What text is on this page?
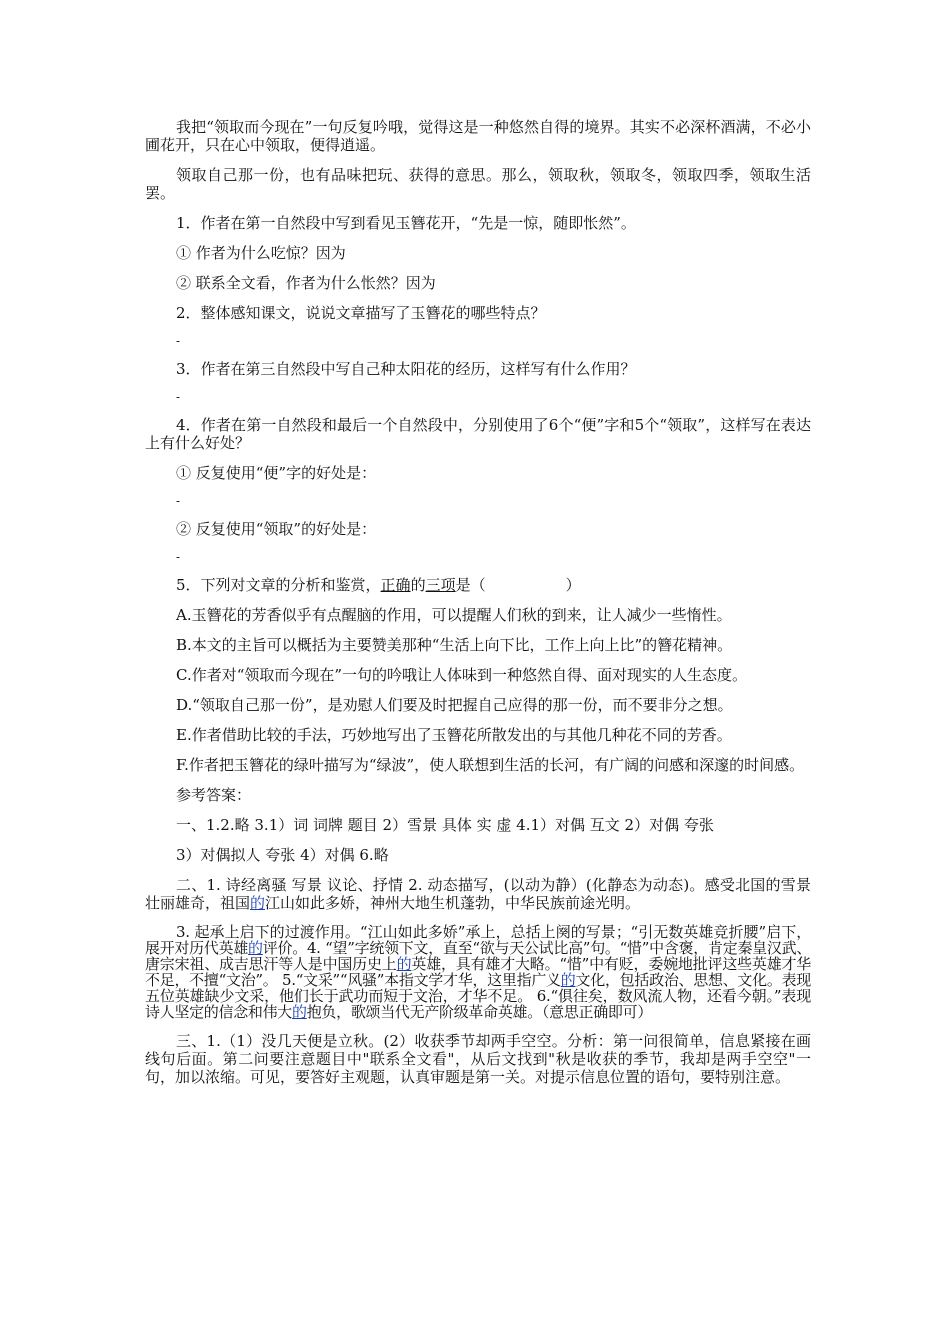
我把“领取而今现在”一句反复吟哦，觉得这是一种悠然自得的境界。其实不必深杯酒满，不必小圃花开，只在心中领取，便得逍遥。

领取自己那一份，也有品味把玩、获得的意思。那么，领取秋，领取冬，领取四季，领取生活罢。

1．作者在第一自然段中写到看见玉簪花开，“先是一惊，随即怅然”。

① 作者为什么吃惊？因为

② 联系全文看，作者为什么怅然？因为

2．整体感知课文，说说文章描写了玉簪花的哪些特点？

-

3．作者在第三自然段中写自己种太阳花的经历，这样写有什么作用？

-

4．作者在第一自然段和最后一个自然段中，分别使用了6个“便”字和5个“领取”，这样写在表达上有什么好处？

① 反复使用“便”字的好处是：

-

② 反复使用“领取”的好处是：

-

5．下列对文章的分析和鉴赏，正确的三项是（	）

A.玉簪花的芳香似乎有点醒脑的作用，可以提醒人们秋的到来，让人减少一些惰性。

B.本文的主旨可以概括为主要赞美那种“生活上向下比，工作上向上比”的簪花精神。

C.作者对“领取而今现在”一句的吟哦让人体味到一种悠然自得、面对现实的人生态度。

D.“领取自己那一份”，是劝慰人们要及时把握自己应得的那一份，而不要非分之想。

E.作者借助比较的手法，巧妙地写出了玉簪花所散发出的与其他几种花不同的芳香。

F.作者把玉簪花的绿叶描写为“绿波”，使人联想到生活的长河，有广阔的问感和深邃的时间感。

参考答案：

一、1.2.略 3.1）词 词牌 题目 2）雪景 具体 实 虚 4.1）对偶 互文 2）对偶 夸张

3）对偶拟人 夸张 4）对偶 6.略

二、1. 诗经离骚 写景 议论、抒情 2. 动态描写，(以动为静）(化静态为动态)。感受北国的雪景壮丽雄奇，祖国的江山如此多娇，神州大地生机蓬勃，中华民族前途光明。

3. 起承上启下的过渡作用。“江山如此多娇”承上，总括上阕的写景；“引无数英雄竞折腰”启下，展开对历代英雄的评价。4. “望”字统领下文，直至“欲与天公试比高”句。“惜”中含褒，肯定秦皇汉武、唐宗宋祖、成吉思汗等人是中国历史上的英雄，具有雄才大略。“惜”中有贬，委婉地批评这些英雄才华不足，不擅“文治”。 5.“文采”“风骚”本指文学才华，这里指广义的文化，包括政治、思想、文化。表现五位英雄缺少文采，他们长于武功而短于文治，才华不足。 6.“俱往矣，数风流人物，还看今朝。”表现诗人坚定的信念和伟大的抱负，歌颂当代无产阶级革命英雄。（意思正确即可）

三、1.（1）没几天便是立秋。(2）收获季节却两手空空。分析：第一问很简单，信息紧接在画线句后面。第二问要注意题目中"联系全文看"，从后文找到"秋是收获的季节，我却是两手空空"一句，加以浓缩。可见，要答好主观题，认真审题是第一关。对提示信息位置的语句，要特别注意。
